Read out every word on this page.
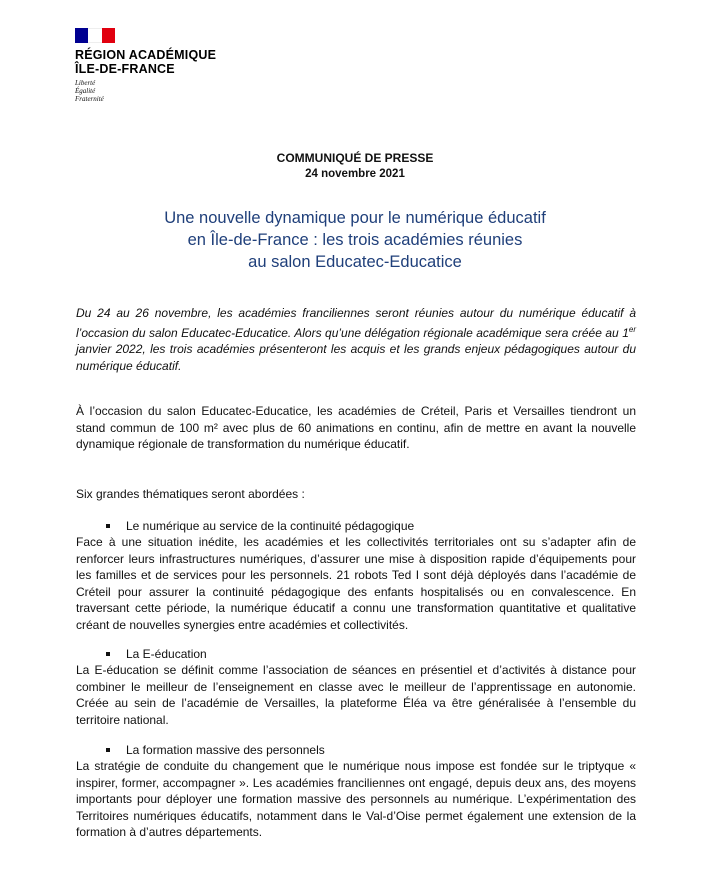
RÉGION ACADÉMIQUE
ÎLE-DE-FRANCE
Liberté
Égalité
Fraternité
COMMUNIQUÉ DE PRESSE
24 novembre 2021
Une nouvelle dynamique pour le numérique éducatif
en Île-de-France : les trois académies réunies
au salon Educatec-Educatice
Du 24 au 26 novembre, les académies franciliennes seront réunies autour du numérique éducatif à l’occasion du salon Educatec-Educatice. Alors qu’une délégation régionale académique sera créée au 1er janvier 2022, les trois académies présenteront les acquis et les grands enjeux pédagogiques autour du numérique éducatif.
À l’occasion du salon Educatec-Educatice, les académies de Créteil, Paris et Versailles tiendront un stand commun de 100 m² avec plus de 60 animations en continu, afin de mettre en avant la nouvelle dynamique régionale de transformation du numérique éducatif.
Six grandes thématiques seront abordées :
Le numérique au service de la continuité pédagogique
Face à une situation inédite, les académies et les collectivités territoriales ont su s’adapter afin de renforcer leurs infrastructures numériques, d’assurer une mise à disposition rapide d’équipements pour les familles et de services pour les personnels. 21 robots Ted I sont déjà déployés dans l’académie de Créteil pour assurer la continuité pédagogique des enfants hospitalisés ou en convalescence. En traversant cette période, la numérique éducatif a connu une transformation quantitative et qualitative créant de nouvelles synergies entre académies et collectivités.
La E-éducation
La E-éducation se définit comme l’association de séances en présentiel et d’activités à distance pour combiner le meilleur de l’enseignement en classe avec le meilleur de l’apprentissage en autonomie. Créée au sein de l’académie de Versailles, la plateforme Éléa va être généralisée à l’ensemble du territoire national.
La formation massive des personnels
La stratégie de conduite du changement que le numérique nous impose est fondée sur le triptyque « inspirer, former, accompagner ». Les académies franciliennes ont engagé, depuis deux ans, des moyens importants pour déployer une formation massive des personnels au numérique. L’expérimentation des Territoires numériques éducatifs, notamment dans le Val-d’Oise permet également une extension de la formation à d’autres départements.
